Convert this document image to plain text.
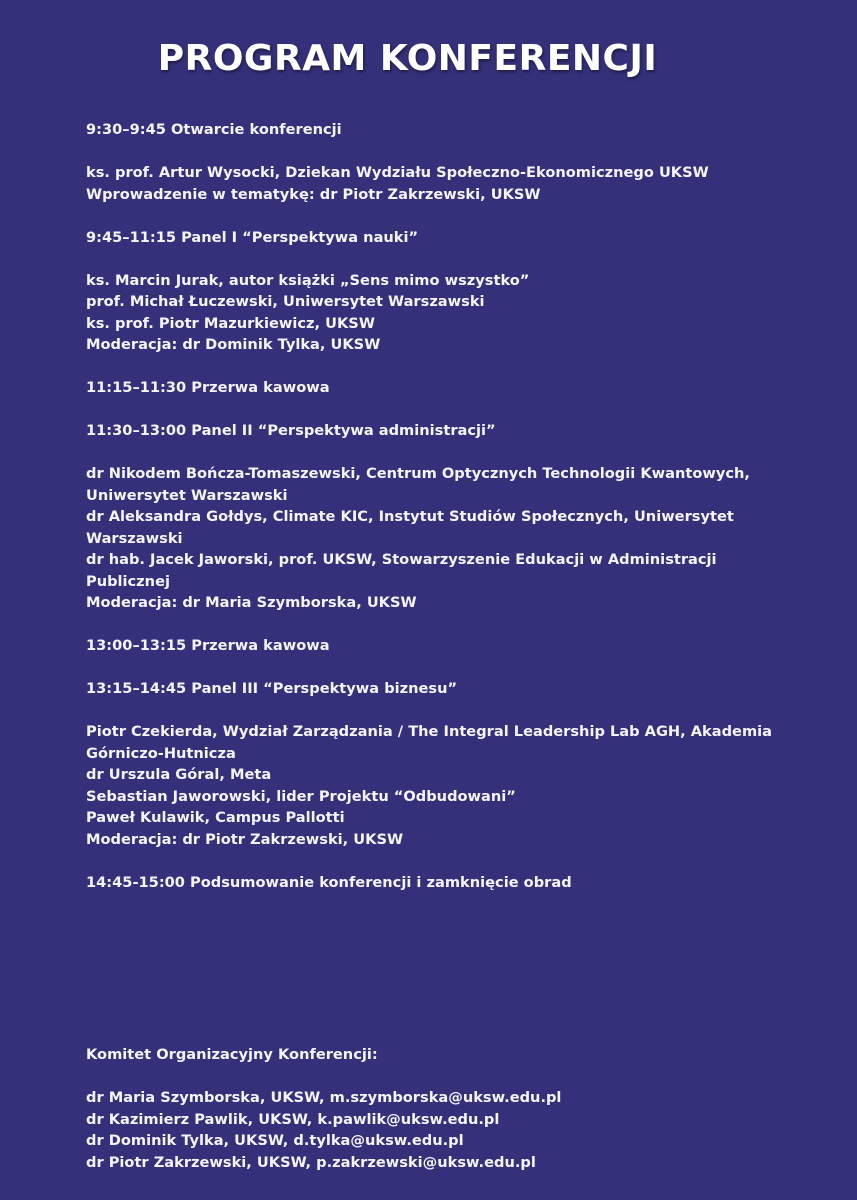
PROGRAM KONFERENCJI
9:30–9:45 Otwarcie konferencji
ks. prof. Artur Wysocki, Dziekan Wydziału Społeczno-Ekonomicznego UKSW
Wprowadzenie w tematykę: dr Piotr Zakrzewski, UKSW
9:45–11:15 Panel I “Perspektywa nauki”
ks. Marcin Jurak, autor książki „Sens mimo wszystko”
prof. Michał Łuczewski, Uniwersytet Warszawski
ks. prof. Piotr Mazurkiewicz, UKSW
Moderacja: dr Dominik Tylka, UKSW
11:15–11:30 Przerwa kawowa
11:30–13:00 Panel II “Perspektywa administracji”
dr Nikodem Bończa-Tomaszewski, Centrum Optycznych Technologii Kwantowych,
Uniwersytet Warszawski
dr Aleksandra Gołdys, Climate KIC, Instytut Studiów Społecznych, Uniwersytet
Warszawski
dr hab. Jacek Jaworski, prof. UKSW, Stowarzyszenie Edukacji w Administracji
Publicznej
Moderacja: dr Maria Szymborska, UKSW
13:00–13:15 Przerwa kawowa
13:15–14:45 Panel III “Perspektywa biznesu”
Piotr Czekierda, Wydział Zarządzania / The Integral Leadership Lab AGH, Akademia
Górniczo-Hutnicza
dr Urszula Góral, Meta
Sebastian Jaworowski, lider Projektu “Odbudowani”
Paweł Kulawik, Campus Pallotti
Moderacja: dr Piotr Zakrzewski, UKSW
14:45-15:00 Podsumowanie konferencji i zamknięcie obrad
Komitet Organizacyjny Konferencji:
dr Maria Szymborska, UKSW, m.szymborska@uksw.edu.pl
dr Kazimierz Pawlik, UKSW, k.pawlik@uksw.edu.pl
dr Dominik Tylka, UKSW, d.tylka@uksw.edu.pl
dr Piotr Zakrzewski, UKSW, p.zakrzewski@uksw.edu.pl
